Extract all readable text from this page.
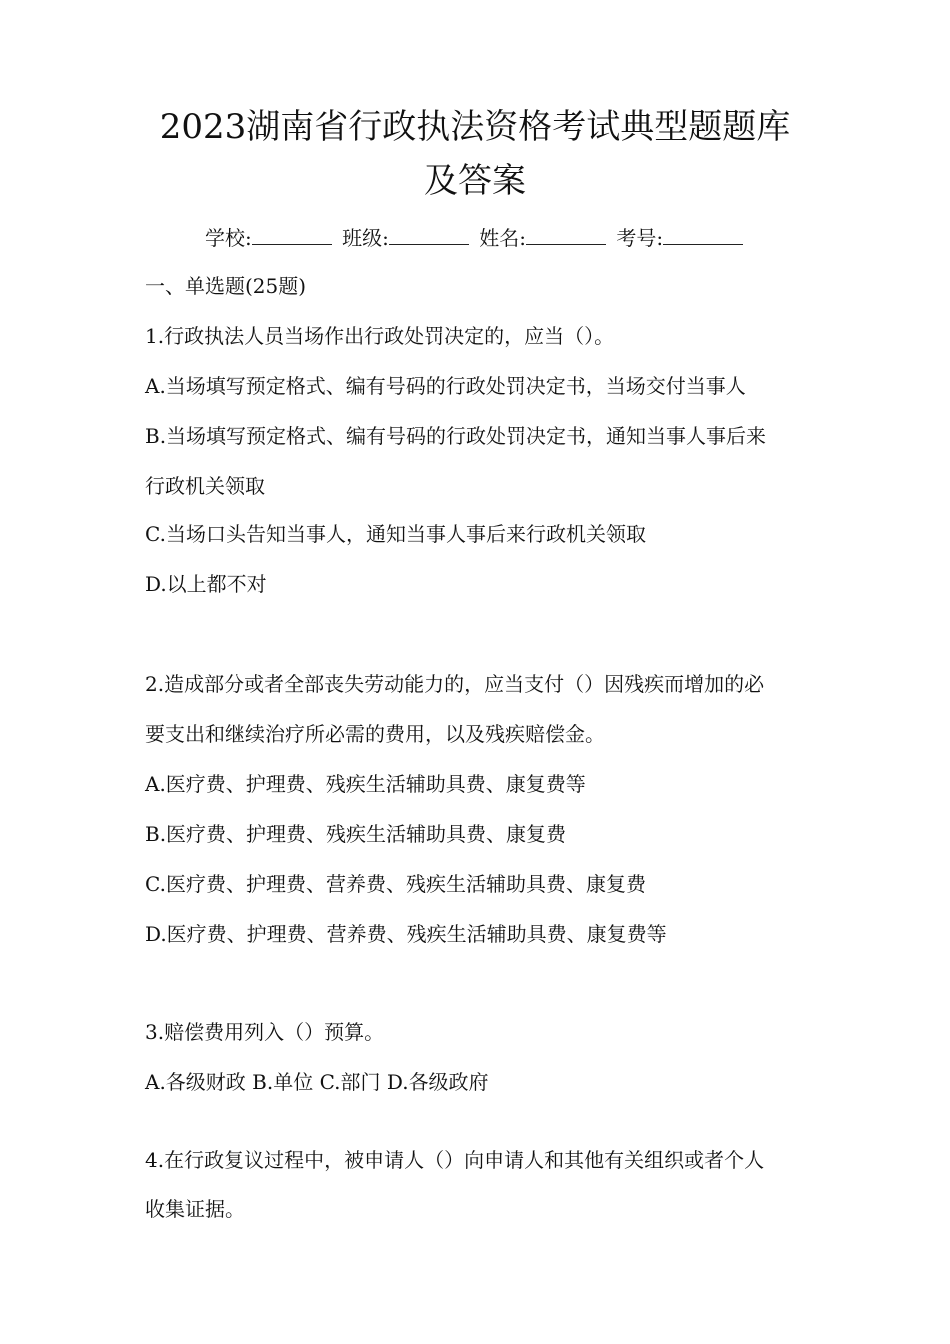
2023湖南省行政执法资格考试典型题题库
及答案
学校:	班级:	姓名:	考号:
一、单选题(25题)
1.行政执法人员当场作出行政处罚决定的，应当（）。
A.当场填写预定格式、编有号码的行政处罚决定书，当场交付当事人
B.当场填写预定格式、编有号码的行政处罚决定书，通知当事人事后来
行政机关领取
C.当场口头告知当事人，通知当事人事后来行政机关领取
D.以上都不对
2.造成部分或者全部丧失劳动能力的，应当支付（）因残疾而增加的必
要支出和继续治疗所必需的费用，以及残疾赔偿金。
A.医疗费、护理费、残疾生活辅助具费、康复费等
B.医疗费、护理费、残疾生活辅助具费、康复费
C.医疗费、护理费、营养费、残疾生活辅助具费、康复费
D.医疗费、护理费、营养费、残疾生活辅助具费、康复费等
3.赔偿费用列入（）预算。
A.各级财政 B.单位 C.部门 D.各级政府
4.在行政复议过程中，被申请人（）向申请人和其他有关组织或者个人
收集证据。
